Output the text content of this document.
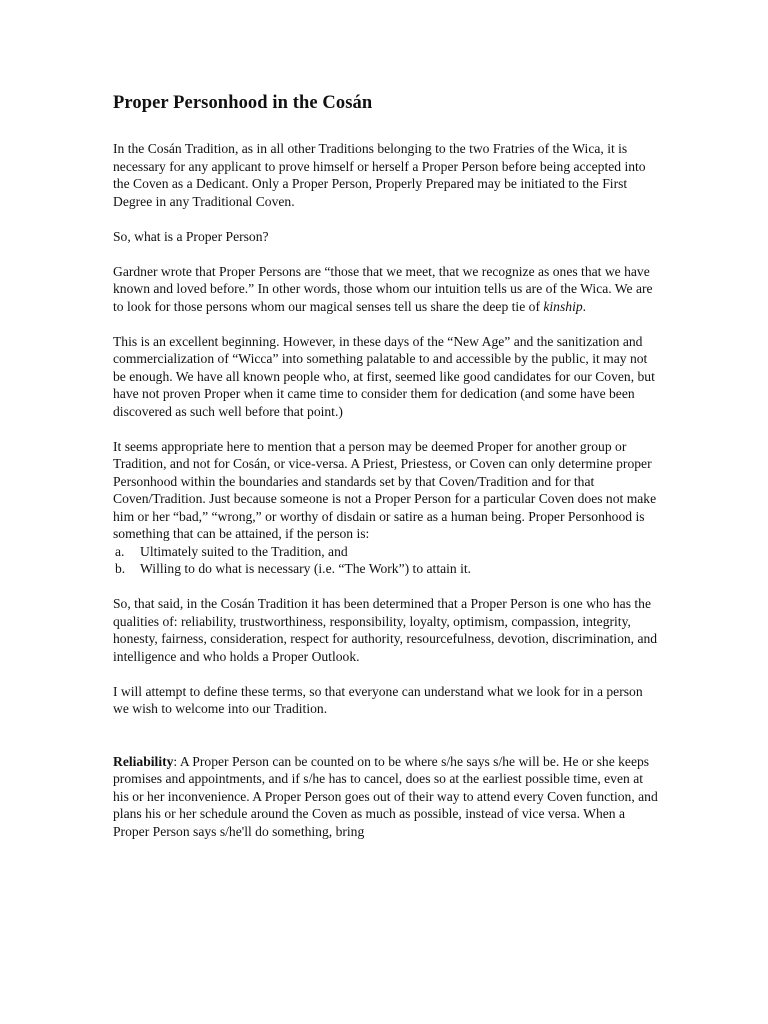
Proper Personhood in the Cosán

In the Cosán Tradition, as in all other Traditions belonging to the two Fratries of the Wica, it is necessary for any applicant to prove himself or herself a Proper Person before being accepted into the Coven as a Dedicant. Only a Proper Person, Properly Prepared may be initiated to the First Degree in any Traditional Coven.

So, what is a Proper Person?

Gardner wrote that Proper Persons are “those that we meet, that we recognize as ones that we have known and loved before.” In other words, those whom our intuition tells us are of the Wica. We are to look for those persons whom our magical senses tell us share the deep tie of kinship.

This is an excellent beginning. However, in these days of the “New Age” and the sanitization and commercialization of “Wicca” into something palatable to and accessible by the public, it may not be enough. We have all known people who, at first, seemed like good candidates for our Coven, but have not proven Proper when it came time to consider them for dedication (and some have been discovered as such well before that point.)

It seems appropriate here to mention that a person may be deemed Proper for another group or Tradition, and not for Cosán, or vice-versa. A Priest, Priestess, or Coven can only determine proper Personhood within the boundaries and standards set by that Coven/Tradition and for that Coven/Tradition. Just because someone is not a Proper Person for a particular Coven does not make him or her “bad,” “wrong,” or worthy of disdain or satire as a human being. Proper Personhood is something that can be attained, if the person is:

a. Ultimately suited to the Tradition, and
b. Willing to do what is necessary (i.e. “The Work”) to attain it.

So, that said, in the Cosán Tradition it has been determined that a Proper Person is one who has the qualities of: reliability, trustworthiness, responsibility, loyalty, optimism, compassion, integrity, honesty, fairness, consideration, respect for authority, resourcefulness, devotion, discrimination, and intelligence and who holds a Proper Outlook.

I will attempt to define these terms, so that everyone can understand what we look for in a person we wish to welcome into our Tradition.

Reliability: A Proper Person can be counted on to be where s/he says s/he will be. He or she keeps promises and appointments, and if s/he has to cancel, does so at the earliest possible time, even at his or her inconvenience. A Proper Person goes out of their way to attend every Coven function, and plans his or her schedule around the Coven as much as possible, instead of vice versa. When a Proper Person says s/he'll do something, bring
